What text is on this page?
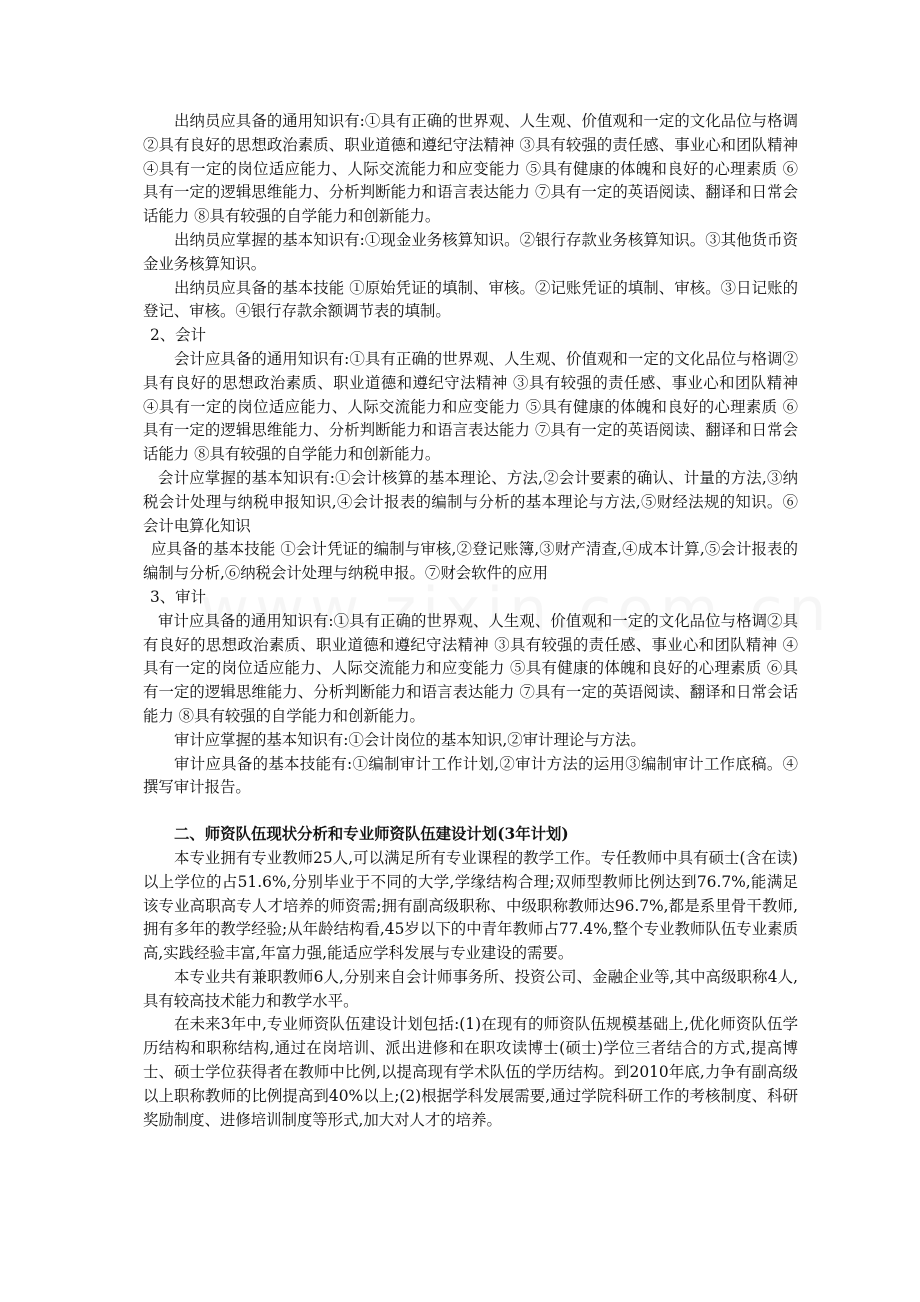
出纳员应具备的通用知识有:①具有正确的世界观、人生观、价值观和一定的文化品位与格调②具有良好的思想政治素质、职业道德和遵纪守法精神 ③具有较强的责任感、事业心和团队精神 ④具有一定的岗位适应能力、人际交流能力和应变能力 ⑤具有健康的体魄和良好的心理素质 ⑥具有一定的逻辑思维能力、分析判断能力和语言表达能力 ⑦具有一定的英语阅读、翻译和日常会话能力 ⑧具有较强的自学能力和创新能力。

出纳员应掌握的基本知识有:①现金业务核算知识。②银行存款业务核算知识。③其他货币资金业务核算知识。

出纳员应具备的基本技能 ①原始凭证的填制、审核。②记账凭证的填制、审核。③日记账的登记、审核。④银行存款余额调节表的填制。

2、会计

会计应具备的通用知识有:①具有正确的世界观、人生观、价值观和一定的文化品位与格调②具有良好的思想政治素质、职业道德和遵纪守法精神 ③具有较强的责任感、事业心和团队精神 ④具有一定的岗位适应能力、人际交流能力和应变能力 ⑤具有健康的体魄和良好的心理素质 ⑥具有一定的逻辑思维能力、分析判断能力和语言表达能力 ⑦具有一定的英语阅读、翻译和日常会话能力 ⑧具有较强的自学能力和创新能力。

会计应掌握的基本知识有:①会计核算的基本理论、方法,②会计要素的确认、计量的方法,③纳税会计处理与纳税申报知识,④会计报表的编制与分析的基本理论与方法,⑤财经法规的知识。⑥会计电算化知识

应具备的基本技能 ①会计凭证的编制与审核,②登记账簿,③财产清查,④成本计算,⑤会计报表的编制与分析,⑥纳税会计处理与纳税申报。⑦财会软件的应用

3、审计

审计应具备的通用知识有:①具有正确的世界观、人生观、价值观和一定的文化品位与格调②具有良好的思想政治素质、职业道德和遵纪守法精神 ③具有较强的责任感、事业心和团队精神 ④具有一定的岗位适应能力、人际交流能力和应变能力 ⑤具有健康的体魄和良好的心理素质 ⑥具有一定的逻辑思维能力、分析判断能力和语言表达能力 ⑦具有一定的英语阅读、翻译和日常会话能力 ⑧具有较强的自学能力和创新能力。

审计应掌握的基本知识有:①会计岗位的基本知识,②审计理论与方法。

审计应具备的基本技能有:①编制审计工作计划,②审计方法的运用③编制审计工作底稿。④撰写审计报告。

二、师资队伍现状分析和专业师资队伍建设计划(3年计划)

本专业拥有专业教师25人,可以满足所有专业课程的教学工作。专任教师中具有硕士(含在读)以上学位的占51.6%,分别毕业于不同的大学,学缘结构合理;双师型教师比例达到76.7%,能满足该专业高职高专人才培养的师资需;拥有副高级职称、中级职称教师达96.7%,都是系里骨干教师,拥有多年的教学经验;从年龄结构看,45岁以下的中青年教师占77.4%,整个专业教师队伍专业素质高,实践经验丰富,年富力强,能适应学科发展与专业建设的需要。

本专业共有兼职教师6人,分别来自会计师事务所、投资公司、金融企业等,其中高级职称4人,具有较高技术能力和教学水平。

在未来3年中,专业师资队伍建设计划包括:(1)在现有的师资队伍规模基础上,优化师资队伍学历结构和职称结构,通过在岗培训、派出进修和在职攻读博士(硕士)学位三者结合的方式,提高博士、硕士学位获得者在教师中比例,以提高现有学术队伍的学历结构。到2010年底,力争有副高级以上职称教师的比例提高到40%以上;(2)根据学科发展需要,通过学院科研工作的考核制度、科研奖励制度、进修培训制度等形式,加大对人才的培养。
